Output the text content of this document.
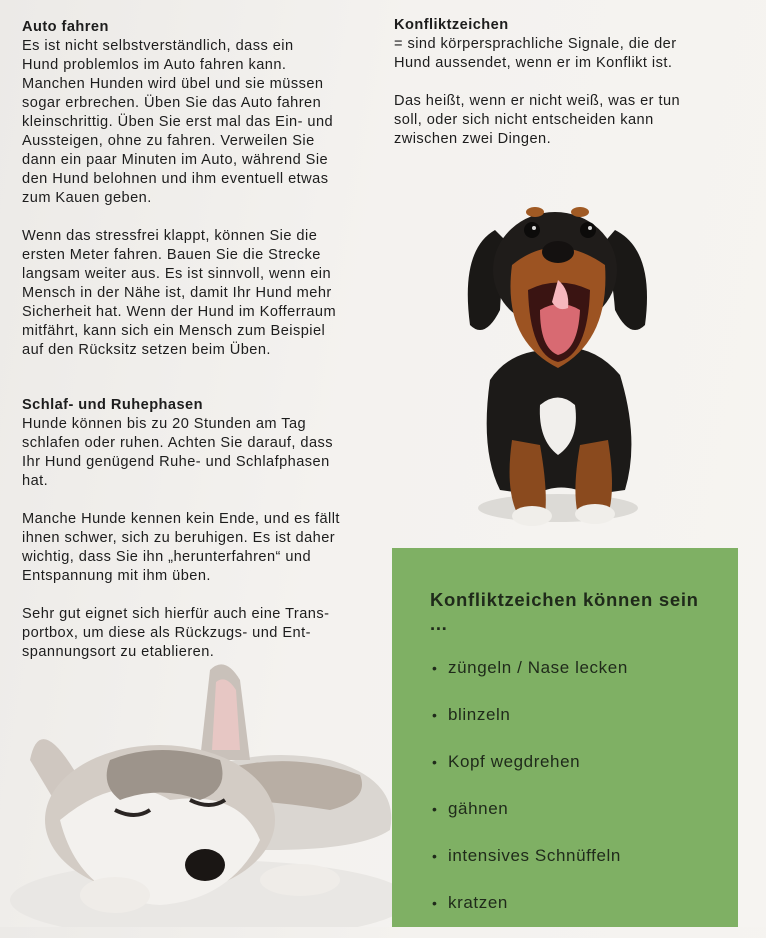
Auto fahren
Es ist nicht selbstverständlich, dass ein
Hund problemlos im Auto fahren kann.
Manchen Hunden wird übel und sie müssen
sogar erbrechen. Üben Sie das Auto fahren
kleinschrittig. Üben Sie erst mal das Ein- und
Aussteigen, ohne zu fahren. Verweilen Sie
dann ein paar Minuten im Auto, während Sie
den Hund belohnen und ihm eventuell etwas
zum Kauen geben.
Wenn das stressfrei klappt, können Sie die
ersten Meter fahren. Bauen Sie die Strecke
langsam weiter aus. Es ist sinnvoll, wenn ein
Mensch in der Nähe ist, damit Ihr Hund mehr
Sicherheit hat. Wenn der Hund im Kofferraum
mitfährt, kann sich ein Mensch zum Beispiel
auf den Rücksitz setzen beim Üben.
Schlaf- und Ruhephasen
Hunde können bis zu 20 Stunden am Tag
schlafen oder ruhen. Achten Sie darauf, dass
Ihr Hund genügend Ruhe- und Schlafphasen
hat.
Manche Hunde kennen kein Ende, und es fällt
ihnen schwer, sich zu beruhigen. Es ist daher
wichtig, dass Sie ihn „herunterfahren“ und
Entspannung mit ihm üben.
Sehr gut eignet sich hierfür auch eine Trans-
portbox, um diese als Rückzugs- und Ent-
spannungsort zu etablieren.
Konfliktzeichen
= sind körpersprachliche Signale, die der
Hund aussendet, wenn er im Konflikt ist.
Das heißt, wenn er nicht weiß, was er tun
soll, oder sich nicht entscheiden kann
zwischen zwei Dingen.
Konfliktzeichen können sein ...
• züngeln / Nase lecken
• blinzeln
• Kopf wegdrehen
• gähnen
• intensives Schnüffeln
• kratzen
